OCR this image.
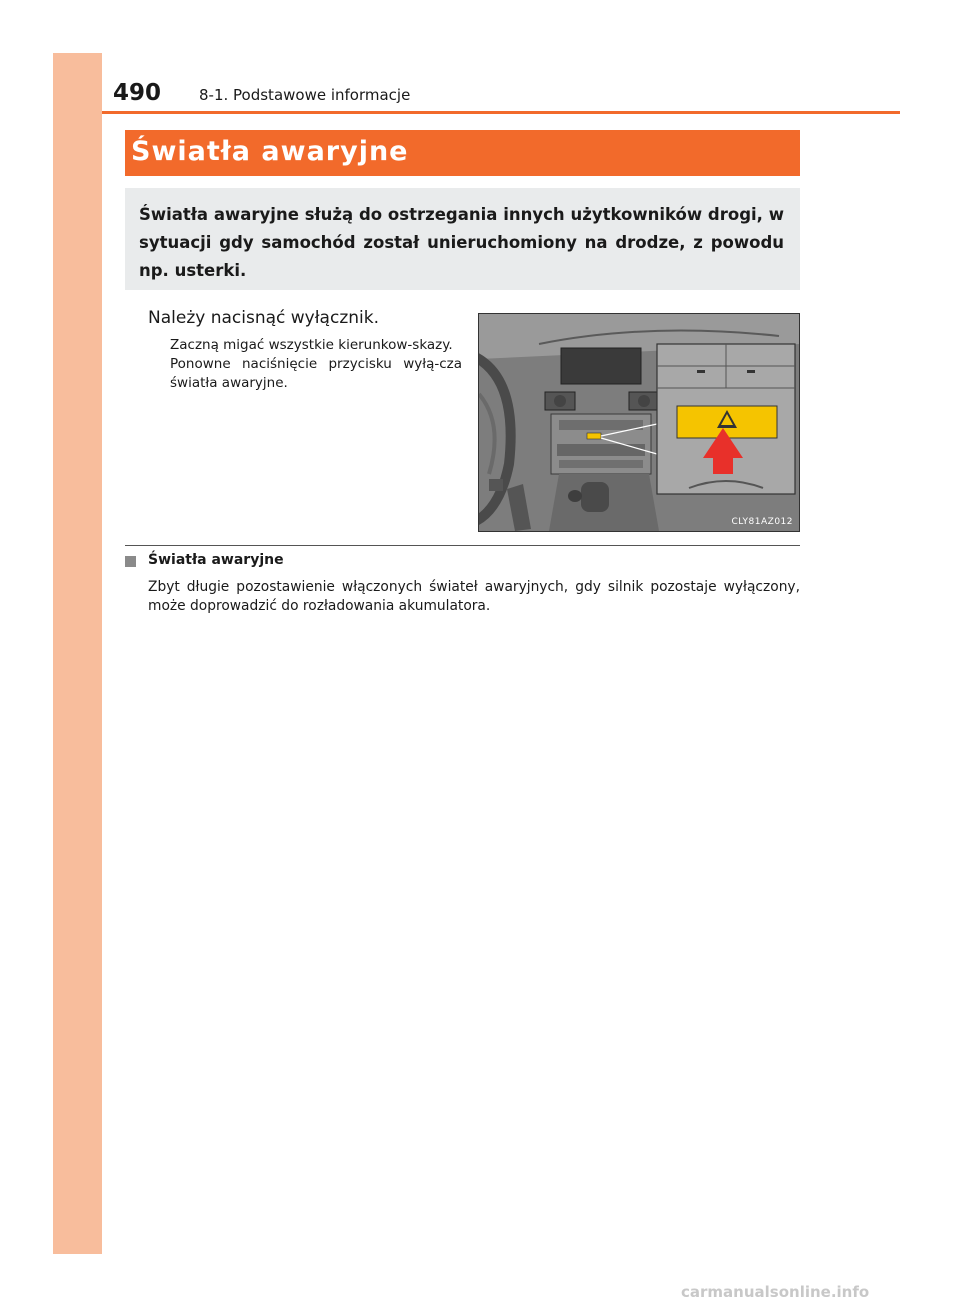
490	8-1. Podstawowe informacje
Światła awaryjne
Światła awaryjne służą do ostrzegania innych użytkowników drogi, w sytuacji gdy samochód został unieruchomiony na drodze, z powodu np. usterki.
Należy nacisnąć wyłącznik.
Zaczną migać wszystkie kierunkow-skazy.
Ponowne naciśnięcie przycisku wyłą-cza światła awaryjne.
CLY81AZ012
Światła awaryjne
Zbyt długie pozostawienie włączonych świateł awaryjnych, gdy silnik pozostaje wyłączony, może doprowadzić do rozładowania akumulatora.
carmanualsonline.info
